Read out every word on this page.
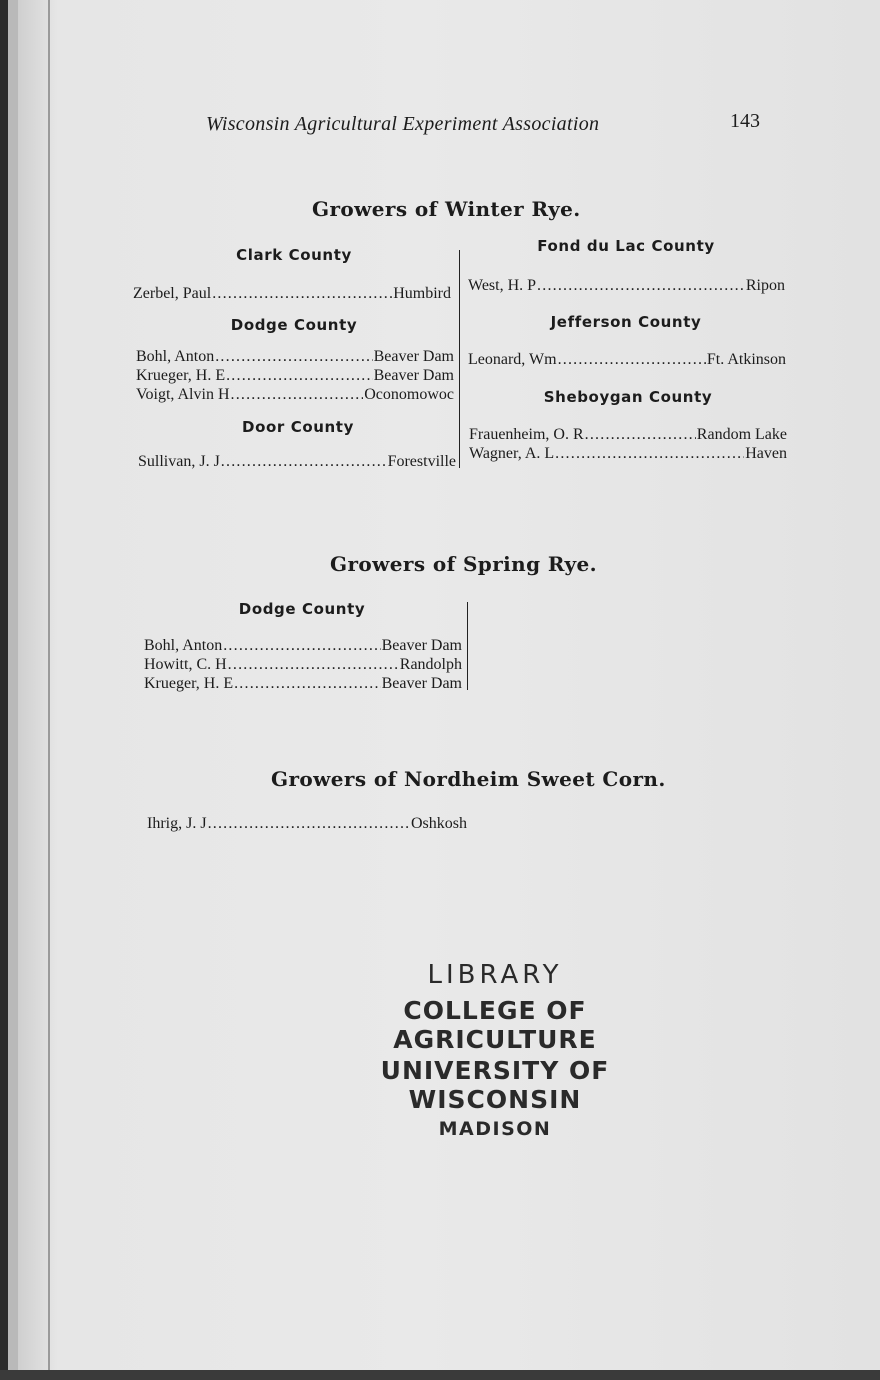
Wisconsin Agricultural Experiment Association	143
Growers of Winter Rye.
Clark County
Zerbel, Paul .....	Humbird
Dodge County
Bohl, Anton .....	Beaver Dam
Krueger, H. E .....	Beaver Dam
Voigt, Alvin H .....	Oconomowoc
Door County
Sullivan, J. J .....	Forestville
Fond du Lac County
West, H. P .....	Ripon
Jefferson County
Leonard, Wm .....	Ft. Atkinson
Sheboygan County
Frauenheim, O. R .....	Random Lake
Wagner, A. L .....	Haven
Growers of Spring Rye.
Dodge County
Bohl, Anton .....	Beaver Dam
Howitt, C. H .....	Randolph
Krueger, H. E .....	Beaver Dam
Growers of Nordheim Sweet Corn.
Ihrig, J. J .....	Oshkosh
LIBRARY
COLLEGE OF AGRICULTURE
UNIVERSITY OF WISCONSIN
MADISON
